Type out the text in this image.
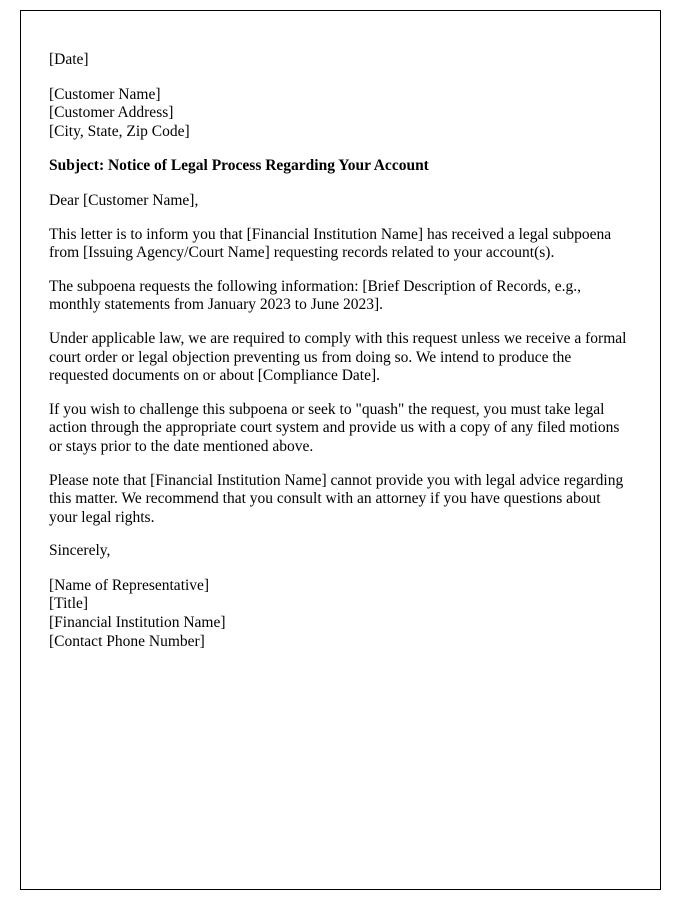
[Date]
[Customer Name]
[Customer Address]
[City, State, Zip Code]

Subject: Notice of Legal Process Regarding Your Account

Dear [Customer Name],

This letter is to inform you that [Financial Institution Name] has received a legal subpoena from [Issuing Agency/Court Name] requesting records related to your account(s).

The subpoena requests the following information: [Brief Description of Records, e.g., monthly statements from January 2023 to June 2023].

Under applicable law, we are required to comply with this request unless we receive a formal court order or legal objection preventing us from doing so. We intend to produce the requested documents on or about [Compliance Date].

If you wish to challenge this subpoena or seek to "quash" the request, you must take legal action through the appropriate court system and provide us with a copy of any filed motions or stays prior to the date mentioned above.

Please note that [Financial Institution Name] cannot provide you with legal advice regarding this matter. We recommend that you consult with an attorney if you have questions about your legal rights.

Sincerely,

[Name of Representative]
[Title]
[Financial Institution Name]
[Contact Phone Number]
